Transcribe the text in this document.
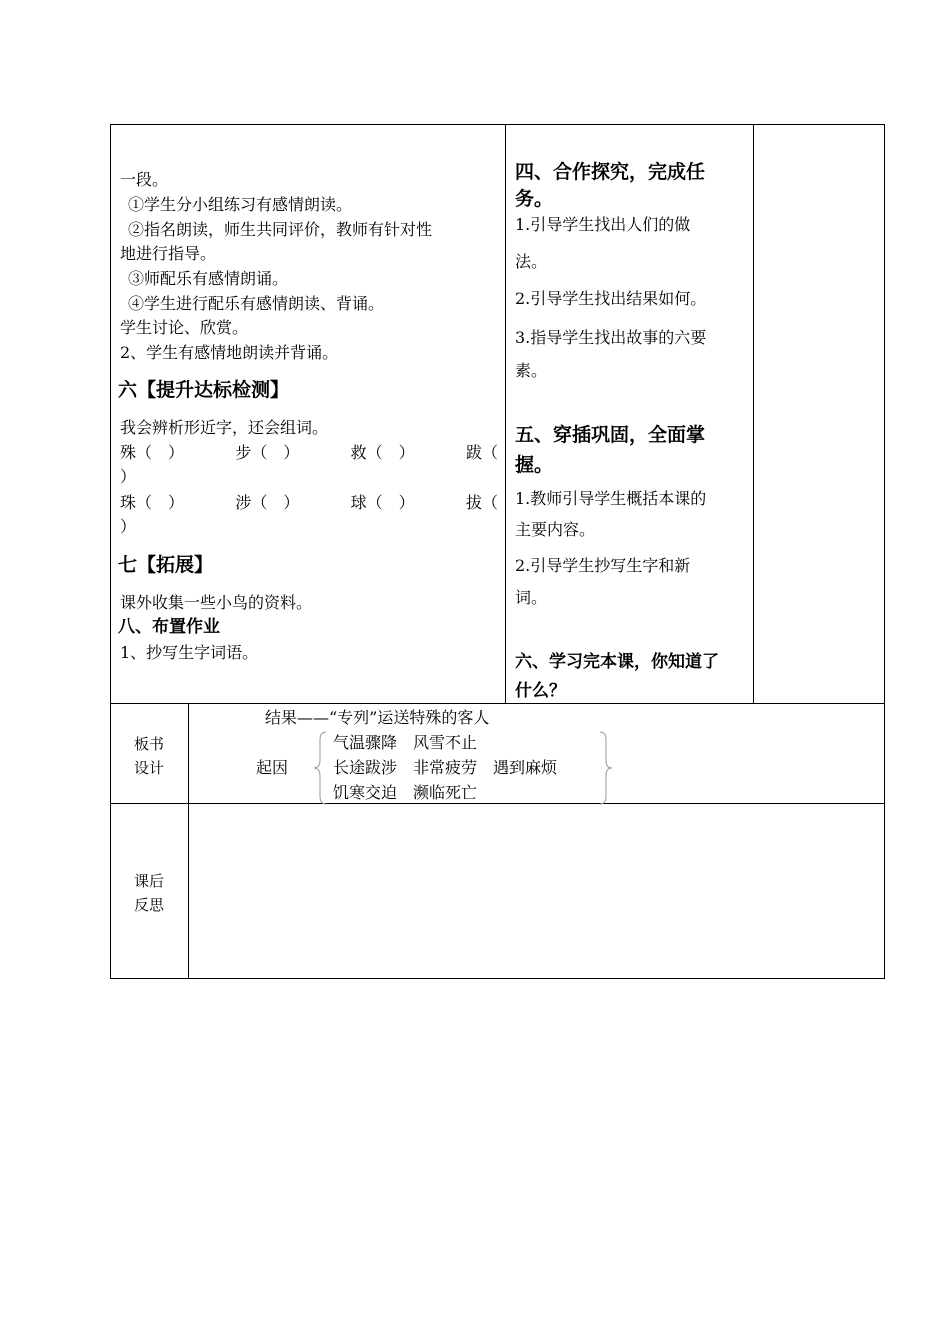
一段。
①学生分小组练习有感情朗读。
②指名朗读，师生共同评价，教师有针对性
地进行指导。
③师配乐有感情朗诵。
④学生进行配乐有感情朗读、背诵。
学生讨论、欣赏。
2、学生有感情地朗读并背诵。
六【提升达标检测】
我会辨析形近字，还会组词。
殊（　）	步（　）	救（　）	跋（
）
珠（　）	涉（　）	球（　）	拔（
）
七【拓展】
课外收集一些小鸟的资料。
八、布置作业
1、抄写生字词语。
四、合作探究，完成任
务。
1.引导学生找出人们的做
法。
2.引导学生找出结果如何。
3.指导学生找出故事的六要
素。
五、穿插巩固，全面掌
握。
1.教师引导学生概括本课的
主要内容。
2.引导学生抄写生字和新
词。
六、学习完本课，你知道了
什么？
板书
设计
结果——“专列”运送特殊的客人
起因
气温骤降　风雪不止
长途跋涉　非常疲劳　遇到麻烦
饥寒交迫　濒临死亡
课后
反思
